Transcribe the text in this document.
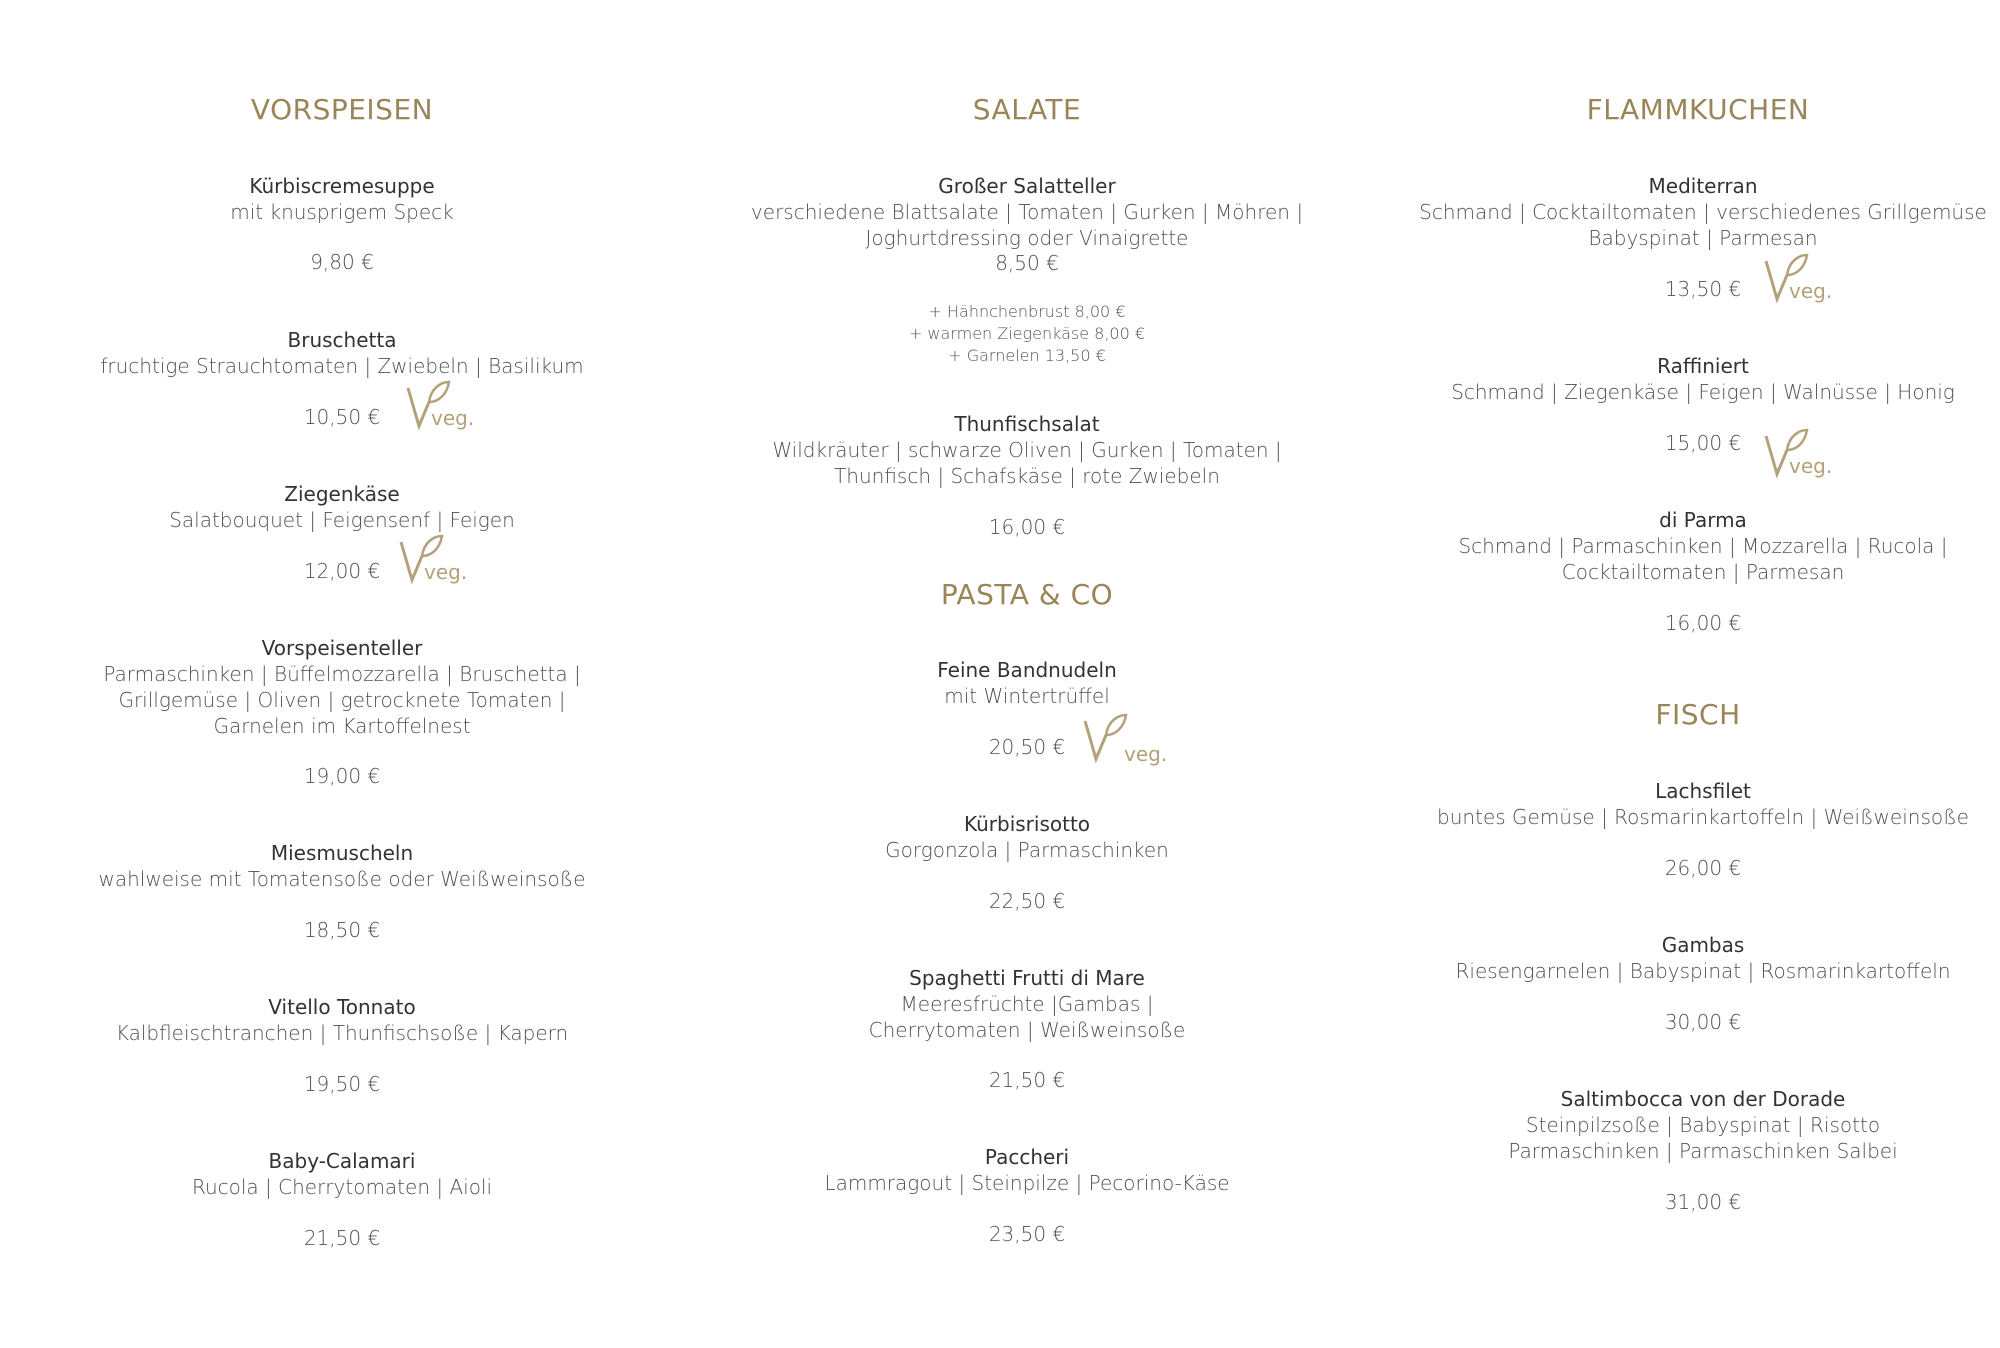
VORSPEISEN
Kürbiscremesuppe
mit knusprigem Speck
9,80 €
Bruschetta
fruchtige Strauchtomaten | Zwiebeln | Basilikum
10,50 €	veg.
Ziegenkäse
Salatbouquet | Feigensenf | Feigen
12,00 € veg.
Vorspeisenteller
Parmaschinken | Büffelmozzarella | Bruschetta |
Grillgemüse | Oliven | getrocknete Tomaten |
Garnelen im Kartoffelnest
19,00 €
Miesmuscheln
wahlweise mit Tomatensoße oder Weißweinsoße
18,50 €
Vitello Tonnato
Kalbfleischtranchen | Thunfischsoße | Kapern
19,50 €
Baby-Calamari
Rucola | Cherrytomaten | Aioli
21,50 €
SALATE
Großer Salatteller
verschiedene Blattsalate | Tomaten | Gurken | Möhren |
Joghurtdressing oder Vinaigrette
8,50 €
+ Hähnchenbrust 8,00 €
+ warmen Ziegenkäse 8,00 €
+ Garnelen 13,50 €
Thunfischsalat
Wildkräuter | schwarze Oliven | Gurken | Tomaten |
Thunfisch | Schafskäse | rote Zwiebeln
16,00 €
PASTA & CO
Feine Bandnudeln
mit Wintertrüffel
20,50 €	veg.
Kürbisrisotto
Gorgonzola | Parmaschinken
22,50 €
Spaghetti Frutti di Mare
Meeresfrüchte |Gambas |
Cherrytomaten | Weißweinsoße
21,50 €
Paccheri
Lammragout | Steinpilze | Pecorino-Käse
23,50 €
FLAMMKUCHEN
Mediterran
Schmand | Cocktailtomaten | verschiedenes Grillgemüse
Babyspinat | Parmesan
13,50 € veg.
Raffiniert
Schmand | Ziegenkäse | Feigen | Walnüsse | Honig
15,00 €
veg.
di Parma
Schmand | Parmaschinken | Mozzarella | Rucola |
Cocktailtomaten | Parmesan
16,00 €
FISCH
Lachsfilet
buntes Gemüse | Rosmarinkartoffeln | Weißweinsoße
26,00 €
Gambas
Riesengarnelen | Babyspinat | Rosmarinkartoffeln
30,00 €
Saltimbocca von der Dorade
Steinpilzsoße | Babyspinat | Risotto
Parmaschinken | Parmaschinken Salbei
31,00 €
